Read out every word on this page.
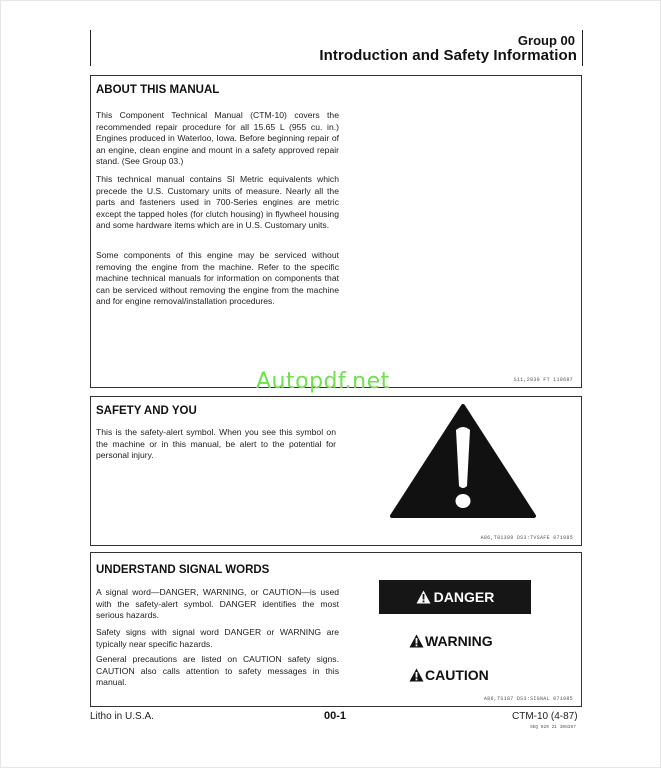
Group 00
Introduction and Safety Information
ABOUT THIS MANUAL
This Component Technical Manual (CTM-10) covers the recommended repair procedure for all 15.65 L (955 cu. in.) Engines produced in Waterloo, Iowa. Before beginning repair of an engine, clean engine and mount in a safety approved repair stand. (See Group 03.)
This technical manual contains SI Metric equivalents which precede the U.S. Customary units of measure. Nearly all the parts and fasteners used in 700-Series engines are metric except the tapped holes (for clutch housing) in flywheel housing and some hardware items which are in U.S. Customary units.
Some components of this engine may be serviced without removing the engine from the machine. Refer to the specific machine technical manuals for information on components that can be serviced without removing the engine from the machine and for engine removal/installation procedures.
S11,2030 FT 110687
Autopdf.net
SAFETY AND YOU
This is the safety-alert symbol. When you see this symbol on the machine or in this manual, be alert to the potential for personal injury.
A86,T81389 DS3:TVSAFE 071085
UNDERSTAND SIGNAL WORDS
A signal word—DANGER, WARNING, or CAUTION—is used with the safety-alert symbol. DANGER identifies the most serious hazards.
Safety signs with signal word DANGER or WARNING are typically near specific hazards.
General precautions are listed on CAUTION safety signs. CAUTION also calls attention to safety messages in this manual.
A86,TS187 DS3:SIGNAL 071085
DANGER
WARNING
CAUTION
Litho in U.S.A.	00-1	CTM-10 (4-87)
SEQ 020 21 308387
